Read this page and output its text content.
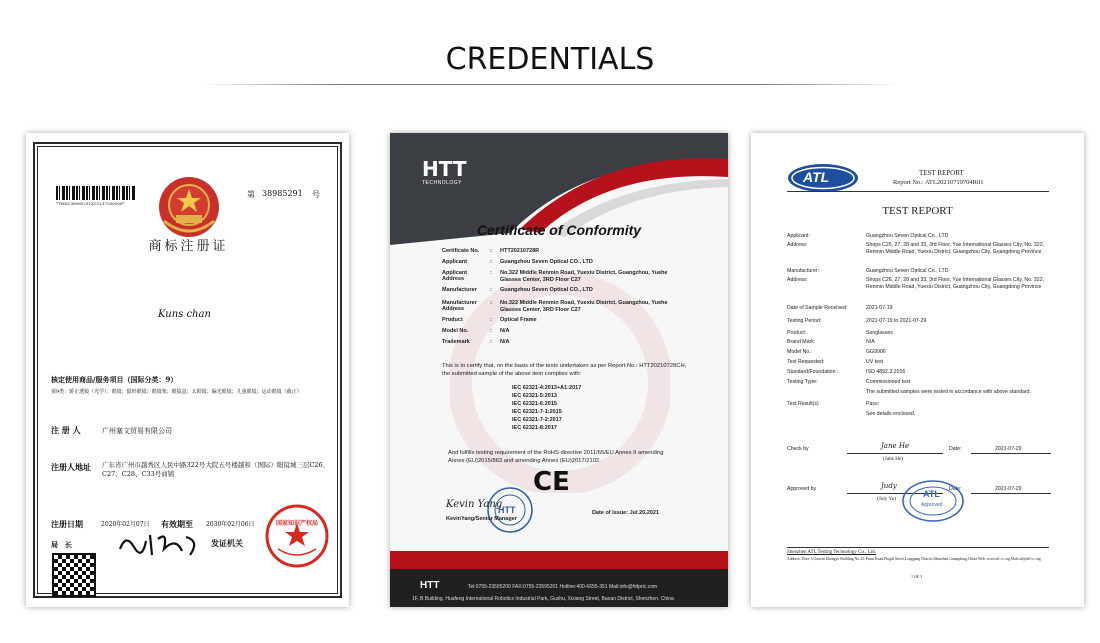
CREDENTIALS
*TMZC38985291ZC1L17200000*
第 38985291 号
商标注册证
Kuns chan
核定使用商品/服务项目（国际分类：9）
第9类：矫正透镜（光学）；眼镜；隐形眼镜；眼镜架；眼镜盒；太阳镜；偏光眼镜；儿童眼镜；运动眼镜（截止）
注 册 人	广州塞文贸易有限公司
注册人地址 广东省广州市越秀区人民中路322号大院五号楼越和（国际）眼镜城三层C26、C27、C28、C33号商铺
注册日期	2020年02月07日 有效期至 2030年02月06日
局　长	发证机关
国家知识产权局
HTT
TECHNOLOGY
Certificate of Conformity
Certificate No.	: HTT20210728R
Applicant	: Guangzhou Seven Optical CO., LTD
Applicant Address
: No.322 Middle Renmin Road, Yuexiu District, Guangzhou, Yuehe Glasses Center, 3RD Floor C27
Manufacturer	: Guangzhou Seven Optical CO., LTD
Manufacturer Address
: No.322 Middle Renmin Road, Yuexiu District, Guangzhou, Yuehe Glasses Center, 3RD Floor C27
Product	: Optical Frame
Model No.	: N/A
Trademark	: N/A
This is to certify that, on the basis of the tests undertaken as per Report No.: HTT20210728CH, the submitted sample of the above item complies with:
IEC 62321-4:2013+A1:2017
IEC 62321-5:2013
IEC 62321-6:2015
IEC 62321-7-1:2015
IEC 62321-7-2:2017
IEC 62321-8:2017
And fulfills testing requirement of the RoHS directive 2011/65/EU Annex II amending Annex (EU)2015/863 and amending Annex (EU)2017/2102.
CE
Kevin Yang
HTT
KevinYang/Senior Manager
Date of Issue: Jul.20,2021
HTT	Tel:0755-23595200 FAX:0755-23595201 Hotline:400-6655-351 Mail:info@httpric.com
1F, B Building, Huafeng International Robotics Industrial Park, Gushu, Xixiang Street, Baoan District, Shenzhen, China
ATL	TEST REPORT
Report No.: ATL20210719704R01
TEST REPORT
Applicant:	Guangzhou Seven Optical Co., LTD
Address:	Shops C26, 27, 28 and 33, 3rd Floor, Yue International Glasses City, No. 322, Renmin Middle Road, Yuexiu District, Guangzhou City, Guangdong Province
Manufacturer:	Guangzhou Seven Optical Co., LTD
Address:	Shops C26, 27, 28 and 33, 3rd Floor, Yue International Glasses City, No. 322, Renmin Middle Road, Yuexiu District, Guangzhou City, Guangdong Province
Date of Sample Received:	2021-07-19
Testing Period:	2021-07-19 to 2021-07-29
Product:	Sunglasses
Brand Mark:	N/A
Model No.:	GG9906
Test Requested:	UV test
Standard/Foundation :	ISO 4892.3:2016
Testing Type:	Commissioned test
The submitted samples were tested in accordance with above standard.
Test Result(s)	Pass;
See details enclosed.
Check by	Jane He
(Jane He)
Date:	2021-07-29
Approved by	Judy
(July Yu)
Date:	2021-07-29
ATL
Approved
Shenzhen ATL Testing Technology Co., Ltd.
Address: Floor 5,Gaoxin Zhongyu Building,No.22, Pusui Road,Pingdi Street,Longgang District,Shenzhen,Guangdong,China Web: www.atl-cc.org Mail:atl@atl-cc.org
1 OF 3
